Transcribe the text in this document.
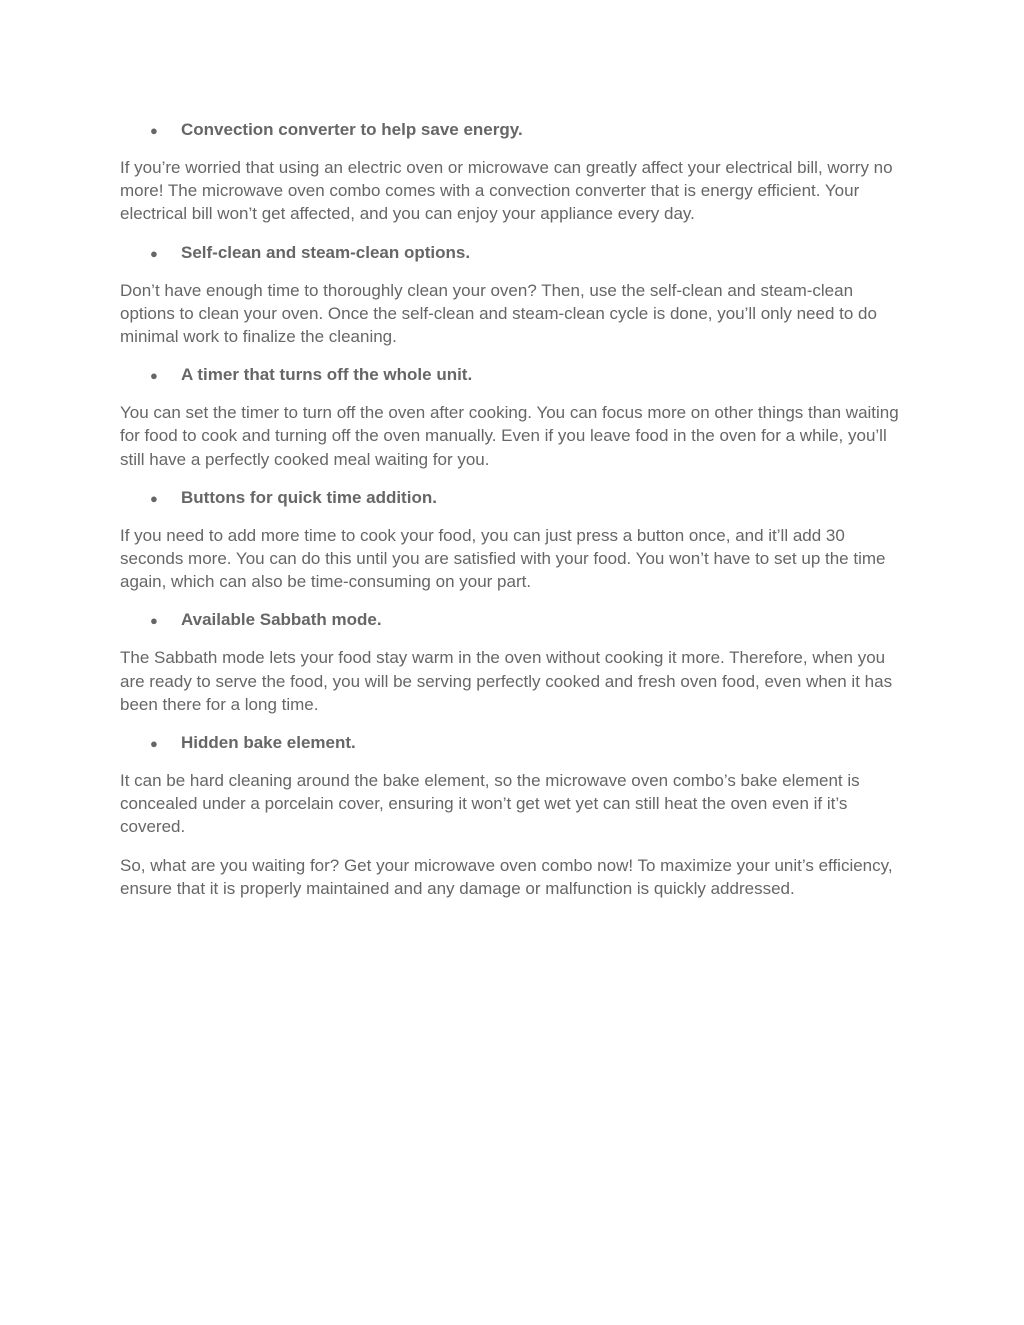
●	Convection converter to help save energy.

If you’re worried that using an electric oven or microwave can greatly affect your electrical bill, worry no more! The microwave oven combo comes with a convection converter that is energy efficient. Your electrical bill won’t get affected, and you can enjoy your appliance every day.

●	Self-clean and steam-clean options.

Don’t have enough time to thoroughly clean your oven? Then, use the self-clean and steam-clean options to clean your oven. Once the self-clean and steam-clean cycle is done, you’ll only need to do minimal work to finalize the cleaning.

●	A timer that turns off the whole unit.

You can set the timer to turn off the oven after cooking. You can focus more on other things than waiting for food to cook and turning off the oven manually. Even if you leave food in the oven for a while, you’ll still have a perfectly cooked meal waiting for you.

●	Buttons for quick time addition.

If you need to add more time to cook your food, you can just press a button once, and it’ll add 30 seconds more. You can do this until you are satisfied with your food. You won’t have to set up the time again, which can also be time-consuming on your part.

●	Available Sabbath mode.

The Sabbath mode lets your food stay warm in the oven without cooking it more. Therefore, when you are ready to serve the food, you will be serving perfectly cooked and fresh oven food, even when it has been there for a long time.

●	Hidden bake element.

It can be hard cleaning around the bake element, so the microwave oven combo’s bake element is concealed under a porcelain cover, ensuring it won’t get wet yet can still heat the oven even if it’s covered.

So, what are you waiting for? Get your microwave oven combo now! To maximize your unit’s efficiency, ensure that it is properly maintained and any damage or malfunction is quickly addressed.
